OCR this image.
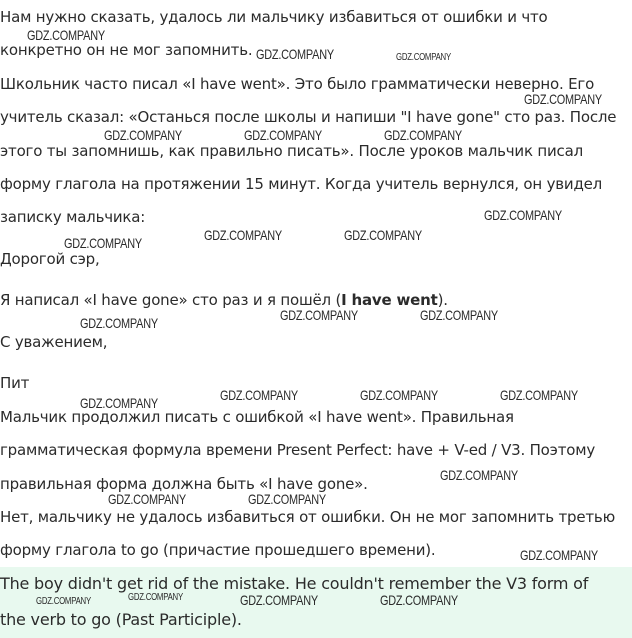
Нам нужно сказать, удалось ли мальчику избавиться от ошибки и что
конкретно он не мог запомнить.
Школьник часто писал «I have went». Это было грамматически неверно. Его
учитель сказал: «Останься после школы и напиши "I have gone" сто раз. После
этого ты запомнишь, как правильно писать». После уроков мальчик писал
форму глагола на протяжении 15 минут. Когда учитель вернулся, он увидел
записку мальчика:
Дорогой сэр,
Я написал «I have gone» сто раз и я пошёл (I have went).
С уважением,
Пит
Мальчик продолжил писать с ошибкой «I have went». Правильная
грамматическая формула времени Present Perfect: have + V-ed / V3. Поэтому
правильная форма должна быть «I have gone».
Нет, мальчику не удалось избавиться от ошибки. Он не мог запомнить третью
форму глагола to go (причастие прошедшего времени).
The boy didn't get rid of the mistake. He couldn't remember the V3 form of
the verb to go (Past Participle).
GDZ.COMPANY
GDZ.COMPANY	GDZ.COMPANY
GDZ.COMPANY
GDZ.COMPANY	GDZ.COMPANY	GDZ.COMPANY
GDZ.COMPANY
GDZ.COMPANY	GDZ.COMPANY	GDZ.COMPANY
GDZ.COMPANY	GDZ.COMPANY
GDZ.COMPANY
GDZ.COMPANY	GDZ.COMPANY	GDZ.COMPANY	GDZ.COMPANY
GDZ.COMPANY
GDZ.COMPANY	GDZ.COMPANY
GDZ.COMPANY
GDZ.COMPANY	GDZ.COMPANY	GDZ.COMPANY	GDZ.COMPANY
